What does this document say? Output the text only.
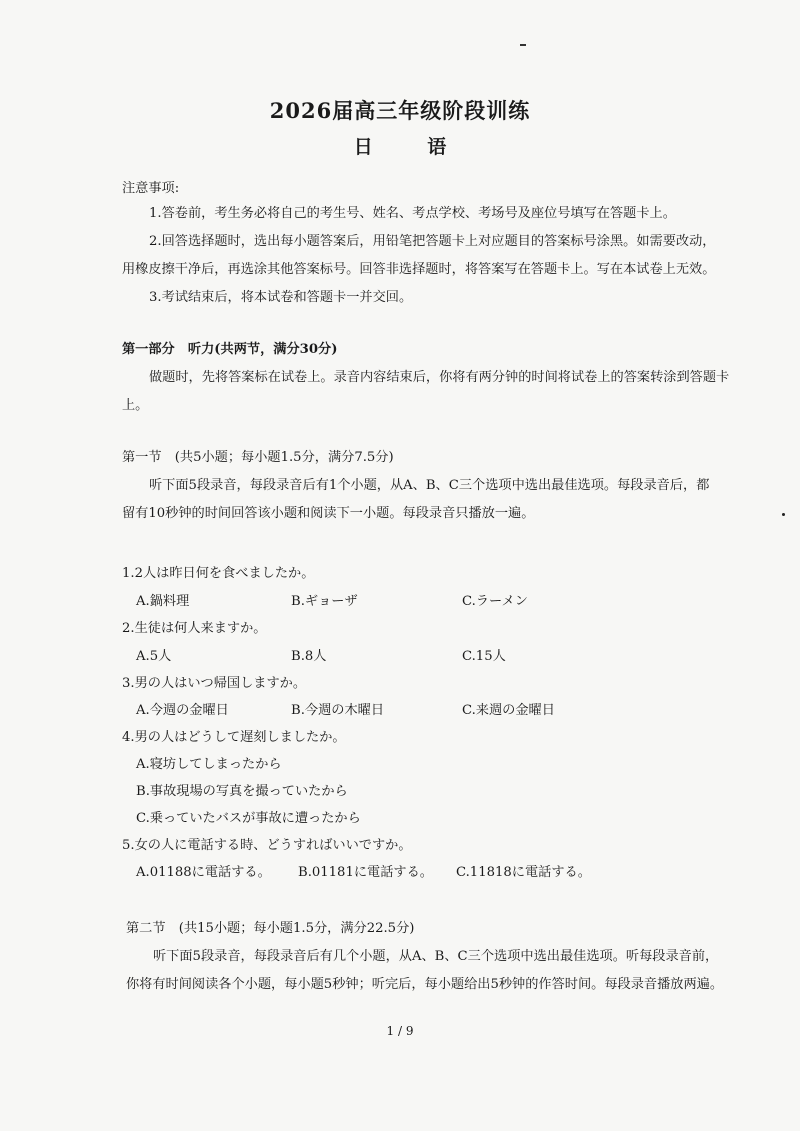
2026届高三年级阶段训练
日 语
注意事项:
1.答卷前，考生务必将自己的考生号、姓名、考点学校、考场号及座位号填写在答题卡上。
2.回答选择题时，选出每小题答案后，用铅笔把答题卡上对应题目的答案标号涂黑。如需要改动，
用橡皮擦干净后，再选涂其他答案标号。回答非选择题时，将答案写在答题卡上。写在本试卷上无效。
3.考试结束后，将本试卷和答题卡一并交回。
第一部分　听力(共两节，满分30分)
做题时，先将答案标在试卷上。录音内容结束后，你将有两分钟的时间将试卷上的答案转涂到答题卡
上。
第一节　(共5小题；每小题1.5分，满分7.5分)
听下面5段录音，每段录音后有1个小题，从A、B、C三个选项中选出最佳选项。每段录音后，都
留有10秒钟的时间回答该小题和阅读下一小题。每段录音只播放一遍。
1.2人は昨日何を食べましたか。
A.鍋料理	B.ギョーザ	C.ラーメン
2.生徒は何人来ますか。
A.5人	B.8人	C.15人
3.男の人はいつ帰国しますか。
A.今週の金曜日	B.今週の木曜日	C.来週の金曜日
4.男の人はどうして遅刻しましたか。
A.寝坊してしまったから
B.事故現場の写真を撮っていたから
C.乗っていたバスが事故に遭ったから
5.女の人に電話する時、どうすればいいですか。
A.01188に電話する。 B.01181に電話する。 C.11818に電話する。
第二节　(共15小题；每小题1.5分，满分22.5分)
听下面5段录音，每段录音后有几个小题，从A、B、C三个选项中选出最佳选项。听每段录音前，
你将有时间阅读各个小题，每小题5秒钟；听完后，每小题给出5秒钟的作答时间。每段录音播放两遍。
1 / 9
